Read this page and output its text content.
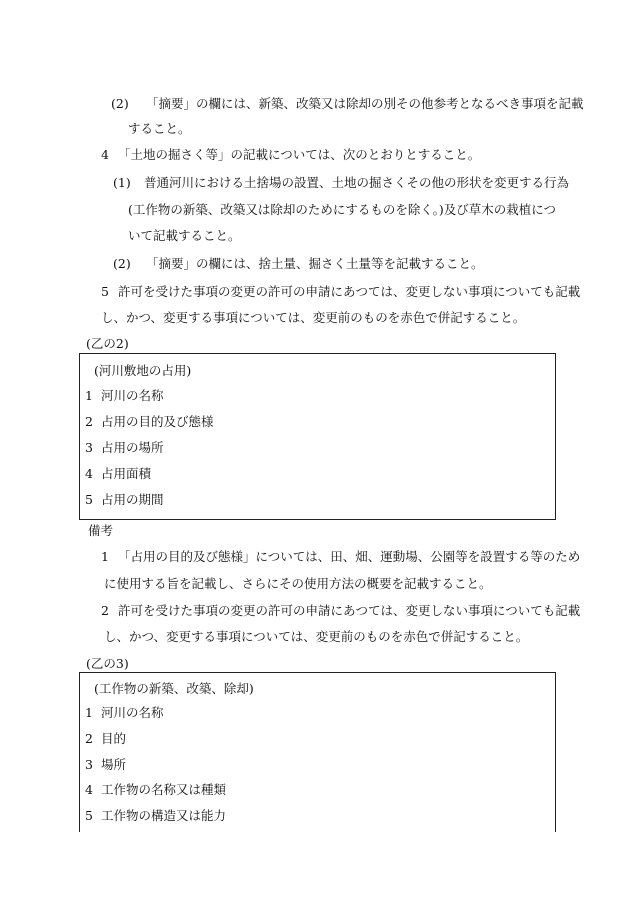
(2) 「摘要」の欄には、新築、改築又は除却の別その他参考となるべき事項を記載
すること。
4 「土地の掘さく等」の記載については、次のとおりとすること。
(1) 普通河川における土捨場の設置、土地の掘さくその他の形状を変更する行為
(工作物の新築、改築又は除却のためにするものを除く。)及び草木の栽植につ
いて記載すること。
(2) 「摘要」の欄には、捨土量、掘さく土量等を記載すること。
5 許可を受けた事項の変更の許可の申請にあつては、変更しない事項についても記載
し、かつ、変更する事項については、変更前のものを赤色で併記すること。
(乙の2)
(河川敷地の占用)
1 河川の名称
2 占用の目的及び態様
3 占用の場所
4 占用面積
5 占用の期間
備考
1 「占用の目的及び態様」については、田、畑、運動場、公園等を設置する等のため
に使用する旨を記載し、さらにその使用方法の概要を記載すること。
2 許可を受けた事項の変更の許可の申請にあつては、変更しない事項についても記載
し、かつ、変更する事項については、変更前のものを赤色で併記すること。
(乙の3)
(工作物の新築、改築、除却)
1 河川の名称
2 目的
3 場所
4 工作物の名称又は種類
5 工作物の構造又は能力
